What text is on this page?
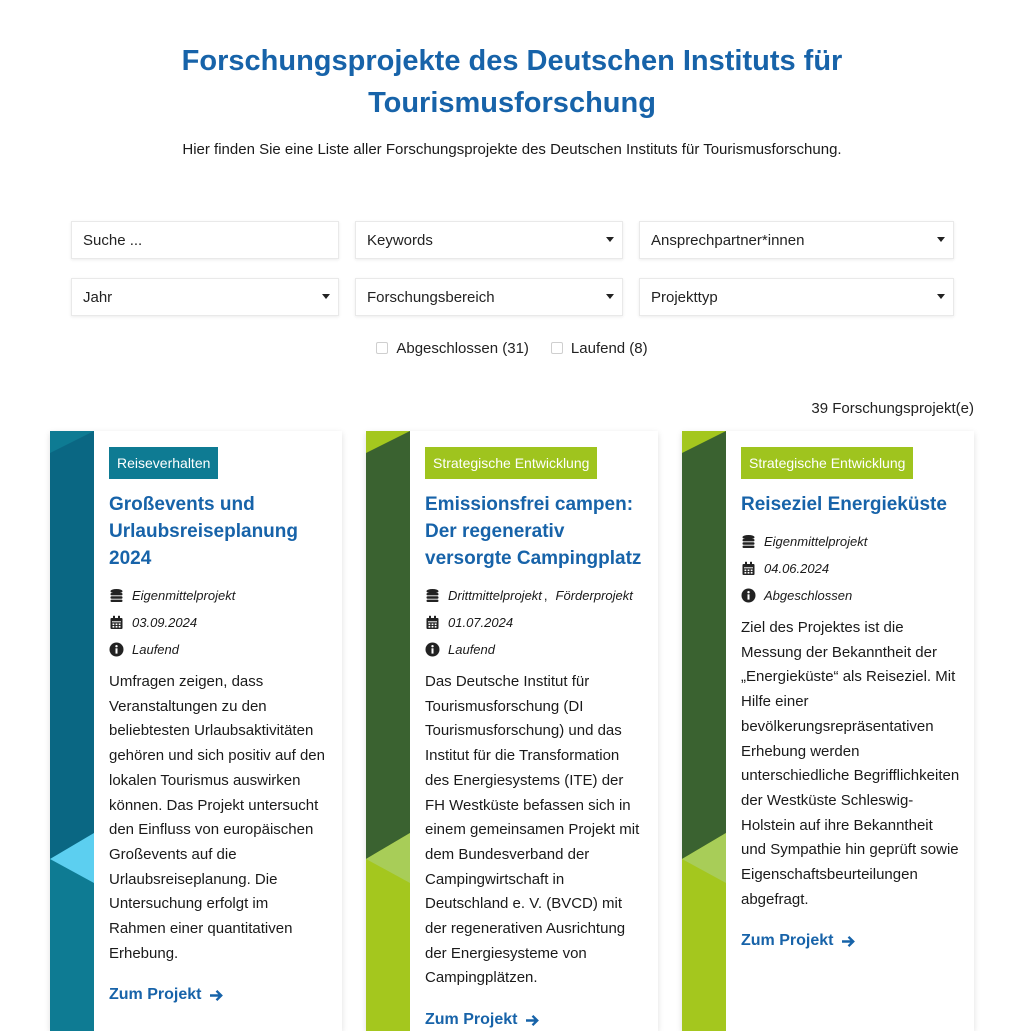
Forschungsprojekte des Deutschen Instituts für Tourismusforschung

Hier finden Sie eine Liste aller Forschungsprojekte des Deutschen Instituts für Tourismusforschung.

Suche ...
Keywords	Ansprechpartner*innen
Jahr	Forschungsbereich	Projekttyp
Abgeschlossen (31)	Laufend (8)
39 Forschungsprojekt(e)
Reiseverhalten
Großevents und Urlaubsreiseplanung 2024
Eigenmittelprojekt
03.09.2024
Laufend

Umfragen zeigen, dass Veranstaltungen zu den beliebtesten Urlaubsaktivitäten gehören und sich positiv auf den lokalen Tourismus auswirken können. Das Projekt untersucht den Einfluss von europäischen Großevents auf die Urlaubsreiseplanung. Die Untersuchung erfolgt im Rahmen einer quantitativen Erhebung.

Zum Projekt
Strategische Entwicklung
Emissionsfrei campen: Der regenerativ versorgte Campingplatz
Drittmittelprojekt , Förderprojekt
01.07.2024
Laufend

Das Deutsche Institut für Tourismusforschung (DI Tourismusforschung) und das Institut für die Transformation des Energiesystems (ITE) der FH Westküste befassen sich in einem gemeinsamen Projekt mit dem Bundesverband der Campingwirtschaft in Deutschland e. V. (BVCD) mit der regenerativen Ausrichtung der Energiesysteme von Campingplätzen.

Zum Projekt
Strategische Entwicklung
Reiseziel Energieküste
Eigenmittelprojekt
04.06.2024
Abgeschlossen

Ziel des Projektes ist die Messung der Bekanntheit der „Energieküste“ als Reiseziel. Mit Hilfe einer bevölkerungsrepräsentativen Erhebung werden unterschiedliche Begrifflichkeiten der Westküste Schleswig-Holstein auf ihre Bekanntheit und Sympathie hin geprüft sowie Eigenschaftsbeurteilungen abgefragt.

Zum Projekt
